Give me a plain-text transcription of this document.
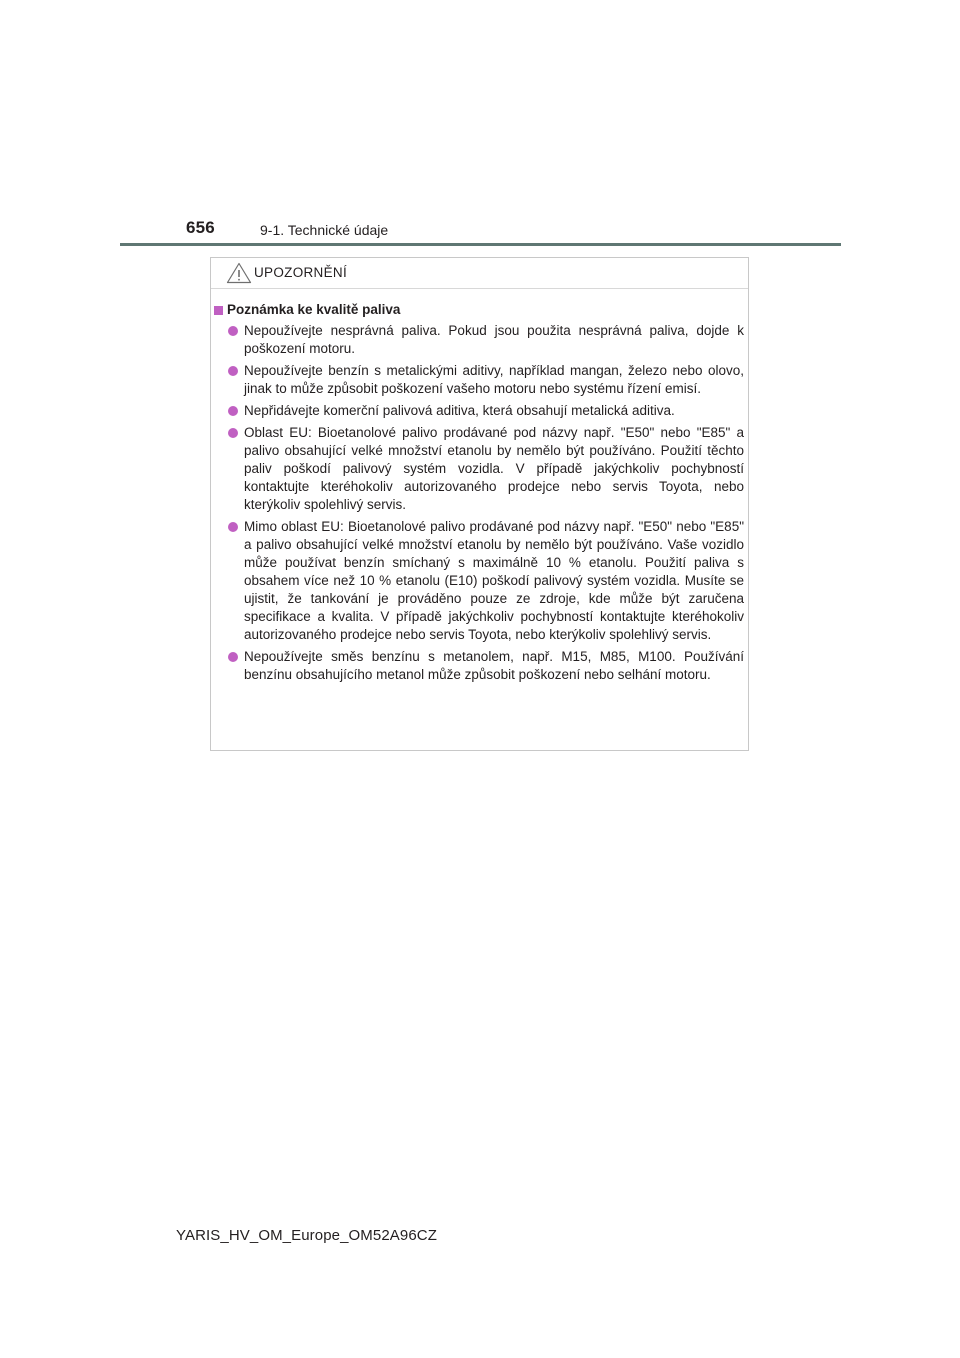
656	9-1. Technické údaje
UPOZORNĚNÍ
Poznámka ke kvalitě paliva
Nepoužívejte nesprávná paliva. Pokud jsou použita nesprávná paliva, dojde k poškození motoru.
Nepoužívejte benzín s metalickými aditivy, například mangan, železo nebo olovo, jinak to může způsobit poškození vašeho motoru nebo systému řízení emisí.
Nepřidávejte komerční palivová aditiva, která obsahují metalická aditiva.
Oblast EU: Bioetanolové palivo prodávané pod názvy např. "E50" nebo "E85" a palivo obsahující velké množství etanolu by nemělo být používáno. Použití těchto paliv poškodí palivový systém vozidla. V případě jakýchkoliv pochybností kontaktujte kteréhokoliv autorizovaného prodejce nebo servis Toyota, nebo kterýkoliv spolehlivý servis.
Mimo oblast EU: Bioetanolové palivo prodávané pod názvy např. "E50" nebo "E85" a palivo obsahující velké množství etanolu by nemělo být používáno. Vaše vozidlo může používat benzín smíchaný s maximálně 10 % etanolu. Použití paliva s obsahem více než 10 % etanolu (E10) poškodí palivový systém vozidla. Musíte se ujistit, že tankování je prováděno pouze ze zdroje, kde může být zaručena specifikace a kvalita. V případě jakýchkoliv pochybností kontaktujte kteréhokoliv autorizovaného prodejce nebo servis Toyota, nebo kterýkoliv spolehlivý servis.
Nepoužívejte směs benzínu s metanolem, např. M15, M85, M100. Používání benzínu obsahujícího metanol může způsobit poškození nebo selhání motoru.
YARIS_HV_OM_Europe_OM52A96CZ
